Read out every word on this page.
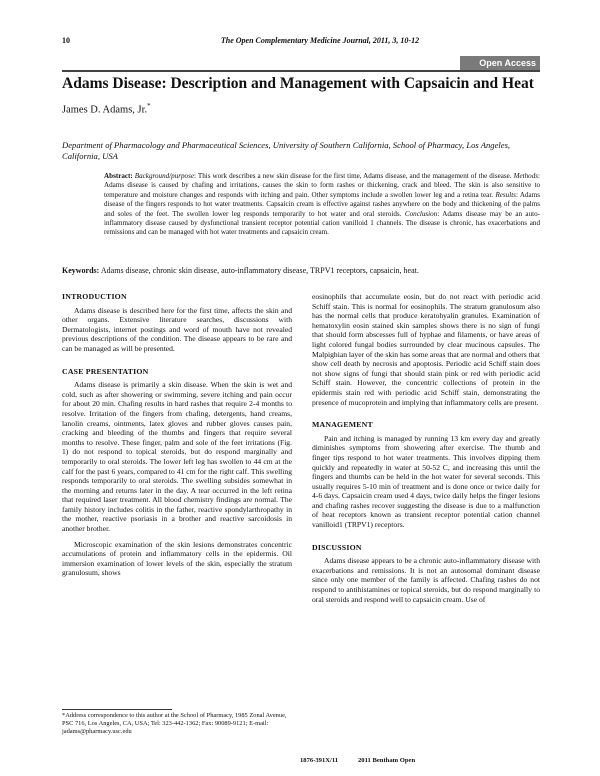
10	The Open Complementary Medicine Journal, 2011, 3, 10-12
Open Access
Adams Disease: Description and Management with Capsaicin and Heat
James D. Adams, Jr.*
Department of Pharmacology and Pharmaceutical Sciences, University of Southern California, School of Pharmacy, Los Angeles, California, USA
Abstract: Background/purpose: This work describes a new skin disease for the first time, Adams disease, and the management of the disease. Methods: Adams disease is caused by chafing and irritations, causes the skin to form rashes or thickening, crack and bleed. The skin is also sensitive to temperature and moisture changes and responds with itching and pain. Other symptoms include a swollen lower leg and a retina tear. Results: Adams disease of the fingers responds to hot water treatments. Capsaicin cream is effective against rashes anywhere on the body and thickening of the palms and soles of the feet. The swollen lower leg responds temporarily to hot water and oral steroids. Conclusion: Adams disease may be an auto-inflammatory disease caused by dysfunctional transient receptor potential cation vanilloid 1 channels. The disease is chronic, has exacerbations and remissions and can be managed with hot water treatments and capsaicin cream.
Keywords: Adams disease, chronic skin disease, auto-inflammatory disease, TRPV1 receptors, capsaicin, heat.
INTRODUCTION
Adams disease is described here for the first time, affects the skin and other organs. Extensive literature searches, discussions with Dermatologists, internet postings and word of mouth have not revealed previous descriptions of the condition. The disease appears to be rare and can be managed as will be presented.
CASE PRESENTATION
Adams disease is primarily a skin disease. When the skin is wet and cold, such as after showering or swimming, severe itching and pain occur for about 20 min. Chafing results in hard rashes that require 2-4 months to resolve. Irritation of the fingers from chafing, detergents, hand creams, lanolin creams, ointments, latex gloves and rubber gloves causes pain, cracking and bleeding of the thumbs and fingers that require several months to resolve. These finger, palm and sole of the feet irritations (Fig. 1) do not respond to topical steroids, but do respond marginally and temporarily to oral steroids. The lower left leg has swollen to 44 cm at the calf for the past 6 years, compared to 41 cm for the right calf. This swelling responds temporarily to oral steroids. The swelling subsides somewhat in the morning and returns later in the day. A tear occurred in the left retina that required laser treatment. All blood chemistry findings are normal. The family history includes colitis in the father, reactive spondylarthropathy in the mother, reactive psoriasis in a brother and reactive sarcoidosis in another brother.
Microscopic examination of the skin lesions demonstrates concentric accumulations of protein and inflammatory cells in the epidermis. Oil immersion examination of lower levels of the skin, especially the stratum granulosum, shows
eosinophils that accumulate eosin, but do not react with periodic acid Schiff stain. This is normal for eosinophils. The stratum granulosum also has the normal cells that produce keratohyalin granules. Examination of hematoxylin eosin stained skin samples shows there is no sign of fungi that should form abscesses full of hyphae and filaments, or have areas of light colored fungal bodies surrounded by clear mucinous capsules. The Malpighian layer of the skin has some areas that are normal and others that show cell death by necrosis and apoptosis. Periodic acid Schiff stain does not show signs of fungi that should stain pink or red with periodic acid Schiff stain. However, the concentric collections of protein in the epidermis stain red with periodic acid Schiff stain, demonstrating the presence of mucoprotein and implying that inflammatory cells are present.
MANAGEMENT
Pain and itching is managed by running 13 km every day and greatly diminishes symptoms from showering after exercise. The thumb and finger tips respond to hot water treatments. This involves dipping them quickly and repeatedly in water at 50-52 C, and increasing this until the fingers and thumbs can be held in the hot water for several seconds. This usually requires 5-10 min of treatment and is done once or twice daily for 4-6 days. Capsaicin cream used 4 days, twice daily helps the finger lesions and chafing rashes recover suggesting the disease is due to a malfunction of heat receptors known as transient receptor potential cation channel vanilloid1 (TRPV1) receptors.
DISCUSSION
Adams disease appears to be a chronic auto-inflammatory disease with exacerbations and remissions. It is not an autosomal dominant disease since only one member of the family is affected. Chafing rashes do not respond to antihistamines or topical steroids, but do respond marginally to oral steroids and respond well to capsaicin cream. Use of
*Address correspondence to this author at the School of Pharmacy, 1985 Zonal Avenue, PSC 716, Los Angeles, CA, USA; Tel: 323-442-1362; Fax: 90089-9121; E-mail: jadams@pharmacy.usc.edu
1876-391X/11	2011 Bentham Open
